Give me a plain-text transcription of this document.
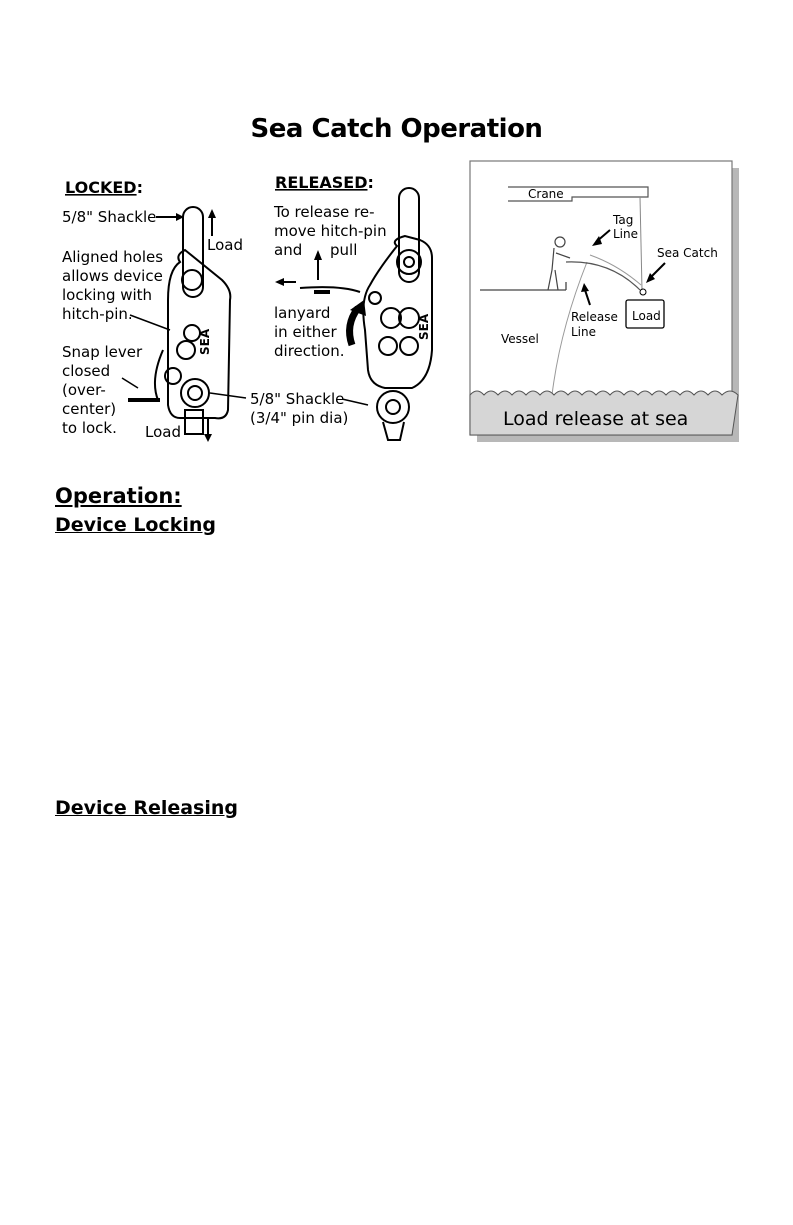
Sea Catch Operation
LOCKED:
5/8" Shackle
Load
Aligned holes
allows device
locking with
hitch-pin.
Snap lever
closed
(over-
center)
to lock.
SEA
Load
RELEASED:
To release re-
move hitch-pin
and pull
lanyard
in either
direction.
SEA
5/8" Shackle
(3/4" pin dia)
Crane
Load
Tag
Line
Sea Catch
Release
Line
Vessel
Load release at sea
Operation:
Device Locking
Device Releasing
